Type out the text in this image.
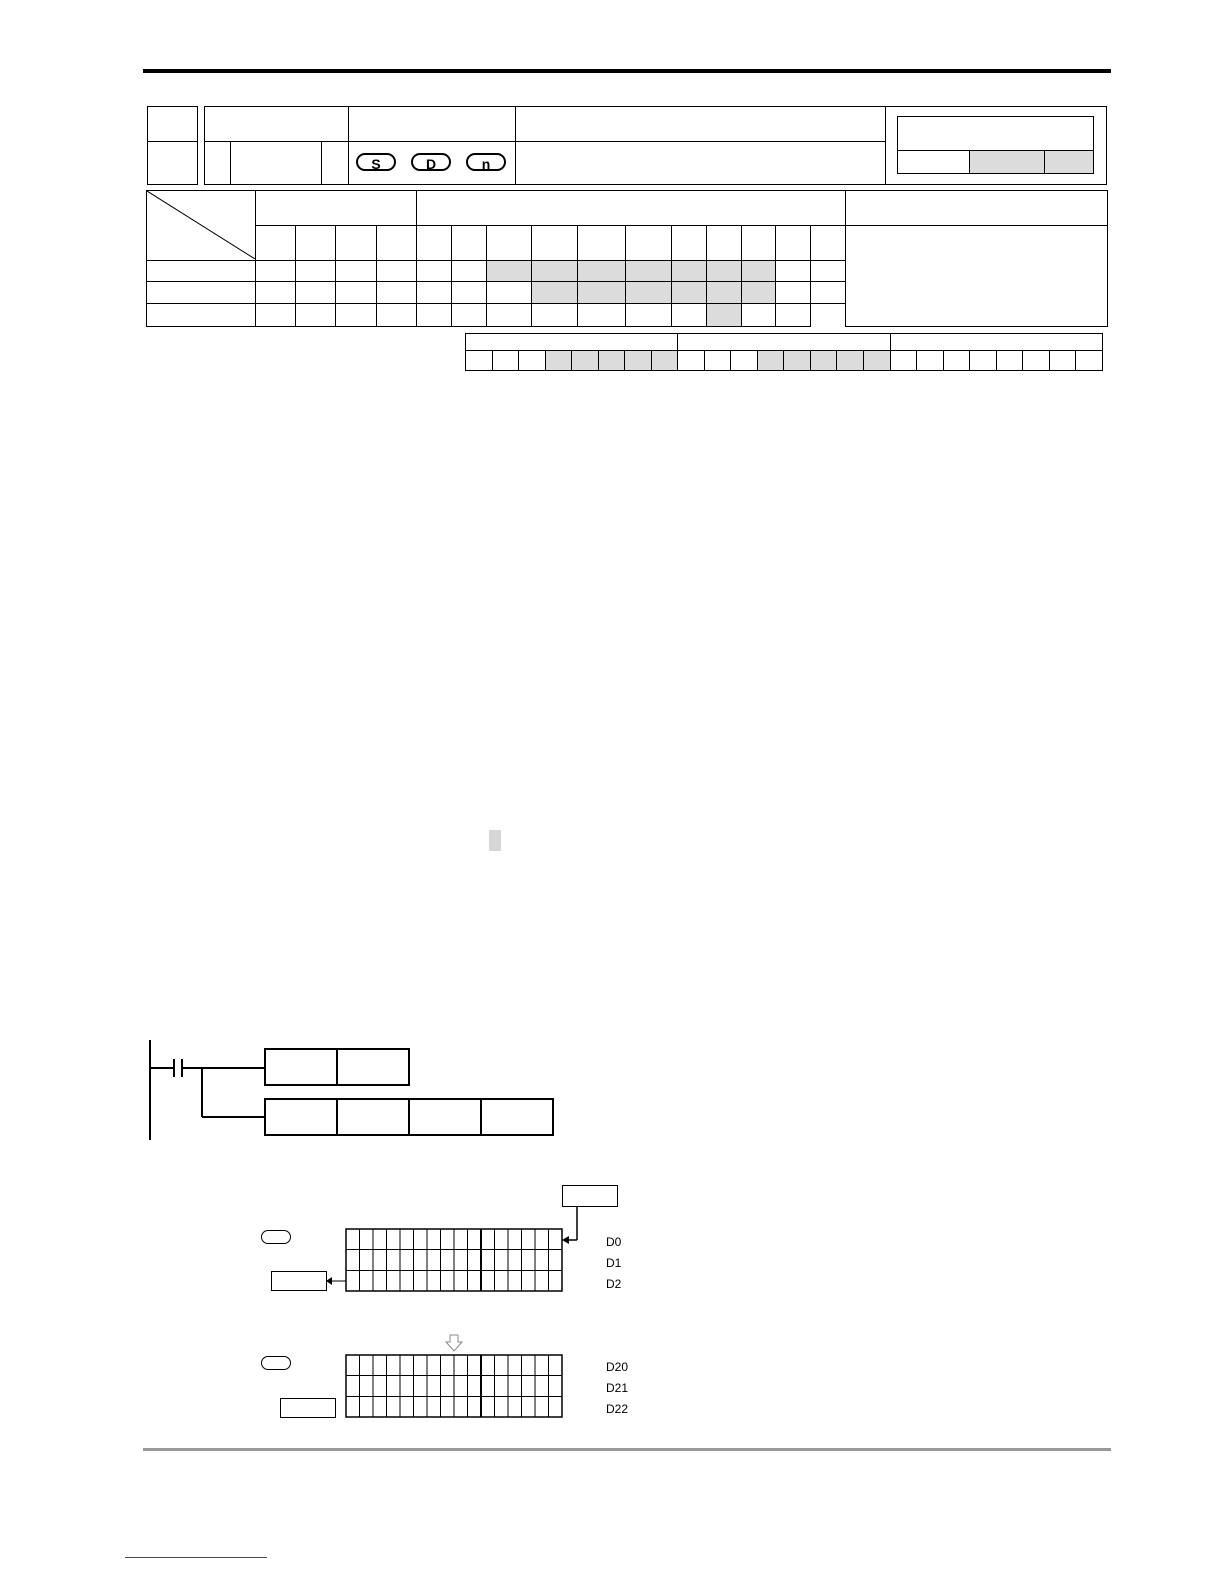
S	D	n

D0
D1
D2
D20
D21
D22
